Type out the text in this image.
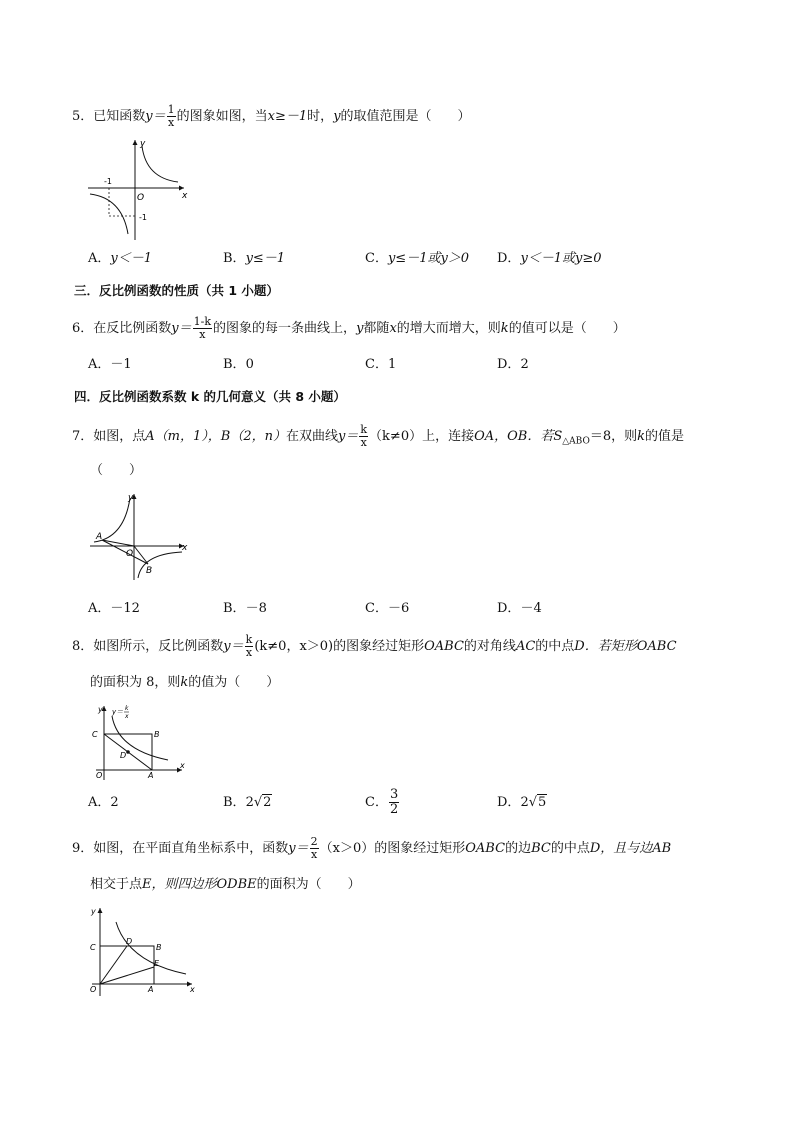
5．已知函数$y= \frac{1}{x}$ 的图象如图，当x≥－1时，y的取值范围是（　　）
y
x
O
-1
-1
A．y＜－1	B．y≤－1	C．y≤－1或y＞0 D．y＜－1或y≥0
三．反比例函数的性质（共 1 小题）
6．在反比例函数$y= \frac{1-k}{x}$ 的图象的每一条曲线上，y都随x的增大而增大，则k的值可以是（　　）
A．－1	B．0	C．1	D．2
四．反比例函数系数 k 的几何意义（共 8 小题）
7．如图，点A（m，1），B（2，n）在双曲线$y= \frac{k}{x} (k\ne 0)$上，连接OA，OB．若$S_{\triangle ABO}=8$，则k的值是
（　　）
y
x
O
A
B
A．－12	B．－8	C．－6	D．－4
8．如图所示，反比例函数$y= \frac{k}{x} (k\ne 0$，x＞0)的图象经过矩形OABC的对角线AC的中点D．若矩形OABC
的面积为 8，则k的值为（　　）
y
x
O
y＝ k
x
C	B
D
A
A．2	B．2√2	C． $\frac{3}{2}$	D．2√5
9．如图，在平面直角坐标系中，函数$y= \frac{2}{x} (x>0)$的图象经过矩形OABC的边BC的中点D，且与边AB
相交于点E，则四边形ODBE的面积为（　　）
y
x
O
C
D
B
E
A
